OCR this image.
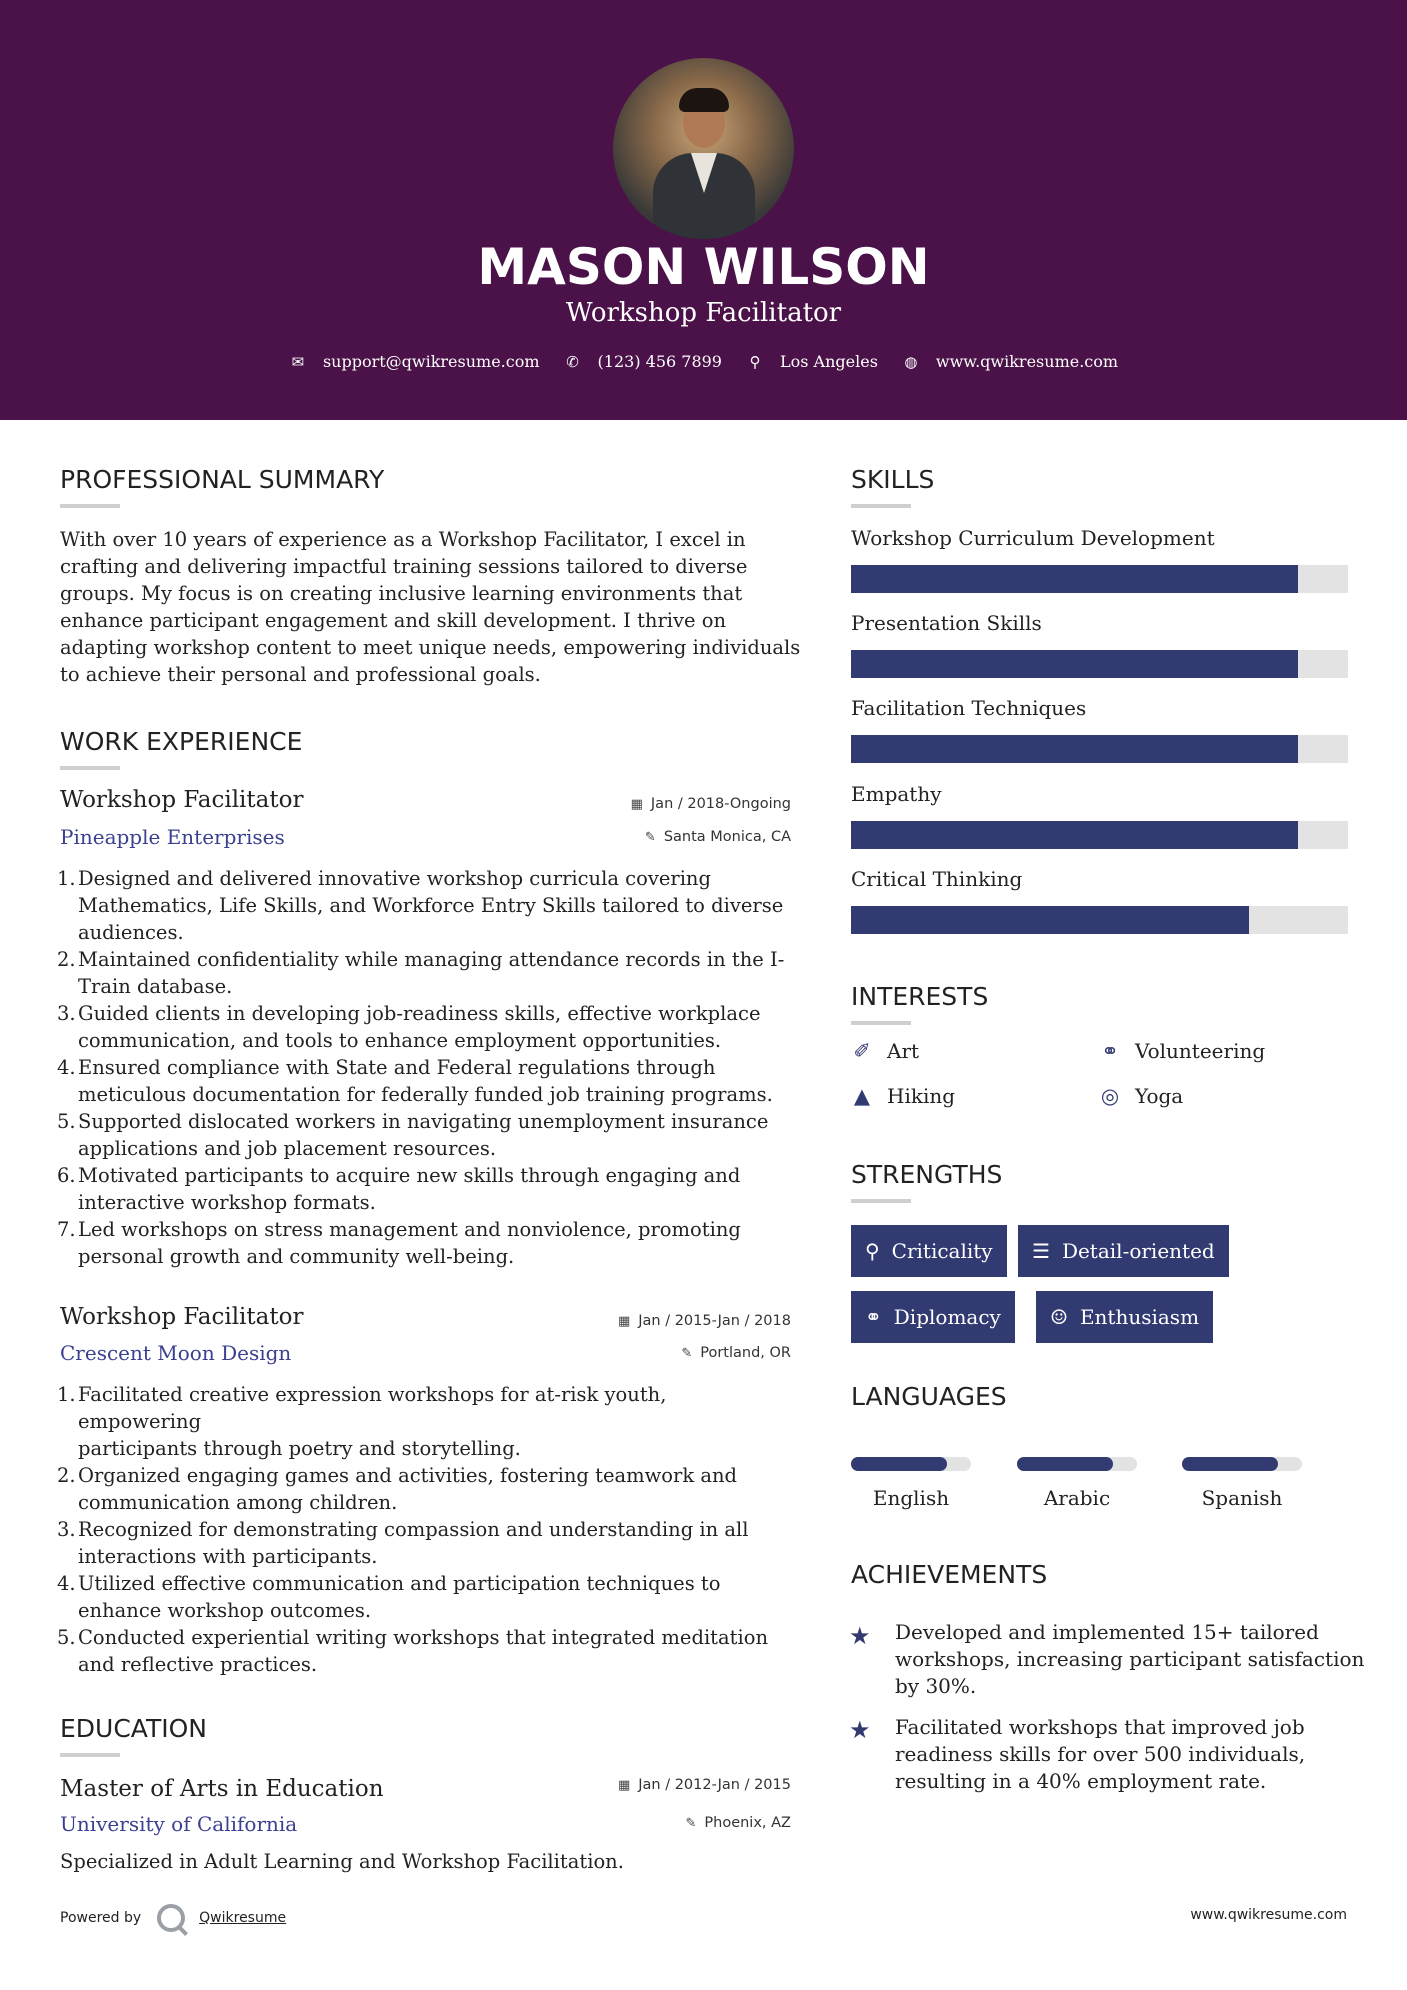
MASON WILSON
Workshop Facilitator
✉ support@qwikresume.com ✆ (123) 456 7899 ⚲ Los Angeles ◍ www.qwikresume.com
PROFESSIONAL SUMMARY
With over 10 years of experience as a Workshop Facilitator, I excel in
crafting and delivering impactful training sessions tailored to diverse
groups. My focus is on creating inclusive learning environments that
enhance participant engagement and skill development. I thrive on
adapting workshop content to meet unique needs, empowering individuals
to achieve their personal and professional goals.
WORK EXPERIENCE
Workshop Facilitator	▦ Jan / 2018-Ongoing
Pineapple Enterprises	✎ Santa Monica, CA
1. Designed and delivered innovative workshop curricula covering
Mathematics, Life Skills, and Workforce Entry Skills tailored to diverse
audiences.
2. Maintained confidentiality while managing attendance records in the I-
Train database.
3. Guided clients in developing job-readiness skills, effective workplace
communication, and tools to enhance employment opportunities.
4. Ensured compliance with State and Federal regulations through
meticulous documentation for federally funded job training programs.
5. Supported dislocated workers in navigating unemployment insurance
applications and job placement resources.
6. Motivated participants to acquire new skills through engaging and
interactive workshop formats.
7. Led workshops on stress management and nonviolence, promoting
personal growth and community well-being.
Workshop Facilitator	▦ Jan / 2015-Jan / 2018
Crescent Moon Design	✎ Portland, OR
1. Facilitated creative expression workshops for at-risk youth, empowering
participants through poetry and storytelling.
2. Organized engaging games and activities, fostering teamwork and
communication among children.
3. Recognized for demonstrating compassion and understanding in all
interactions with participants.
4. Utilized effective communication and participation techniques to
enhance workshop outcomes.
5. Conducted experiential writing workshops that integrated meditation
and reflective practices.
EDUCATION
Master of Arts in Education	▦ Jan / 2012-Jan / 2015
University of California	✎ Phoenix, AZ
Specialized in Adult Learning and Workshop Facilitation.
SKILLS
Workshop Curriculum Development
Presentation Skills
Facilitation Techniques
Empathy
Critical Thinking
INTERESTS
✐ Art	⚭ Volunteering
▲ Hiking	◎ Yoga
STRENGTHS
⚲ Criticality ☰ Detail-oriented
⚭ Diplomacy ☺ Enthusiasm
LANGUAGES
English	Arabic	Spanish
ACHIEVEMENTS
★ Developed and implemented 15+ tailored
workshops, increasing participant satisfaction
by 30%.
★ Facilitated workshops that improved job
readiness skills for over 500 individuals,
resulting in a 40% employment rate.
Powered by	Qwikresume	www.qwikresume.com
